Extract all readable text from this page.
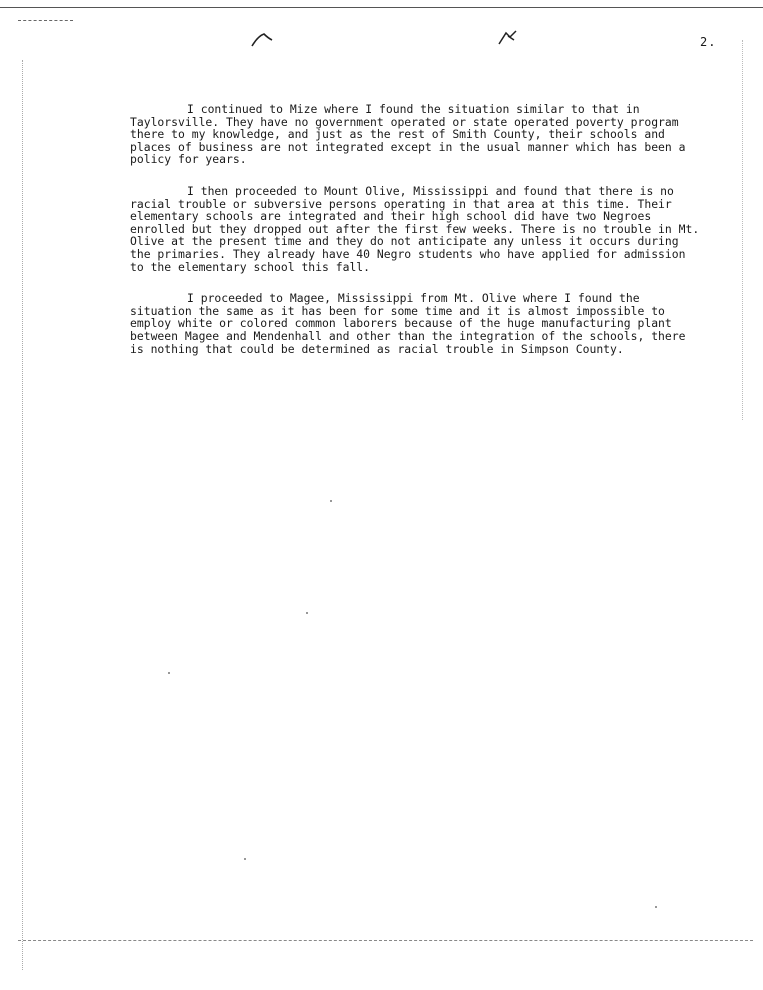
2.

I continued to Mize where I found the situation similar to that in Taylorsville. They have no government operated or state operated poverty program there to my knowledge, and just as the rest of Smith County, their schools and places of business are not integrated except in the usual manner which has been a policy for years.

I then proceeded to Mount Olive, Mississippi and found that there is no racial trouble or subversive persons operating in that area at this time. Their elementary schools are integrated and their high school did have two Negroes enrolled but they dropped out after the first few weeks. There is no trouble in Mt. Olive at the present time and they do not anticipate any unless it occurs during the primaries. They already have 40 Negro students who have applied for admission to the elementary school this fall.

I proceeded to Magee, Mississippi from Mt. Olive where I found the situation the same as it has been for some time and it is almost impossible to employ white or colored common laborers because of the huge manufacturing plant between Magee and Mendenhall and other than the integration of the schools, there is nothing that could be determined as racial trouble in Simpson County.
